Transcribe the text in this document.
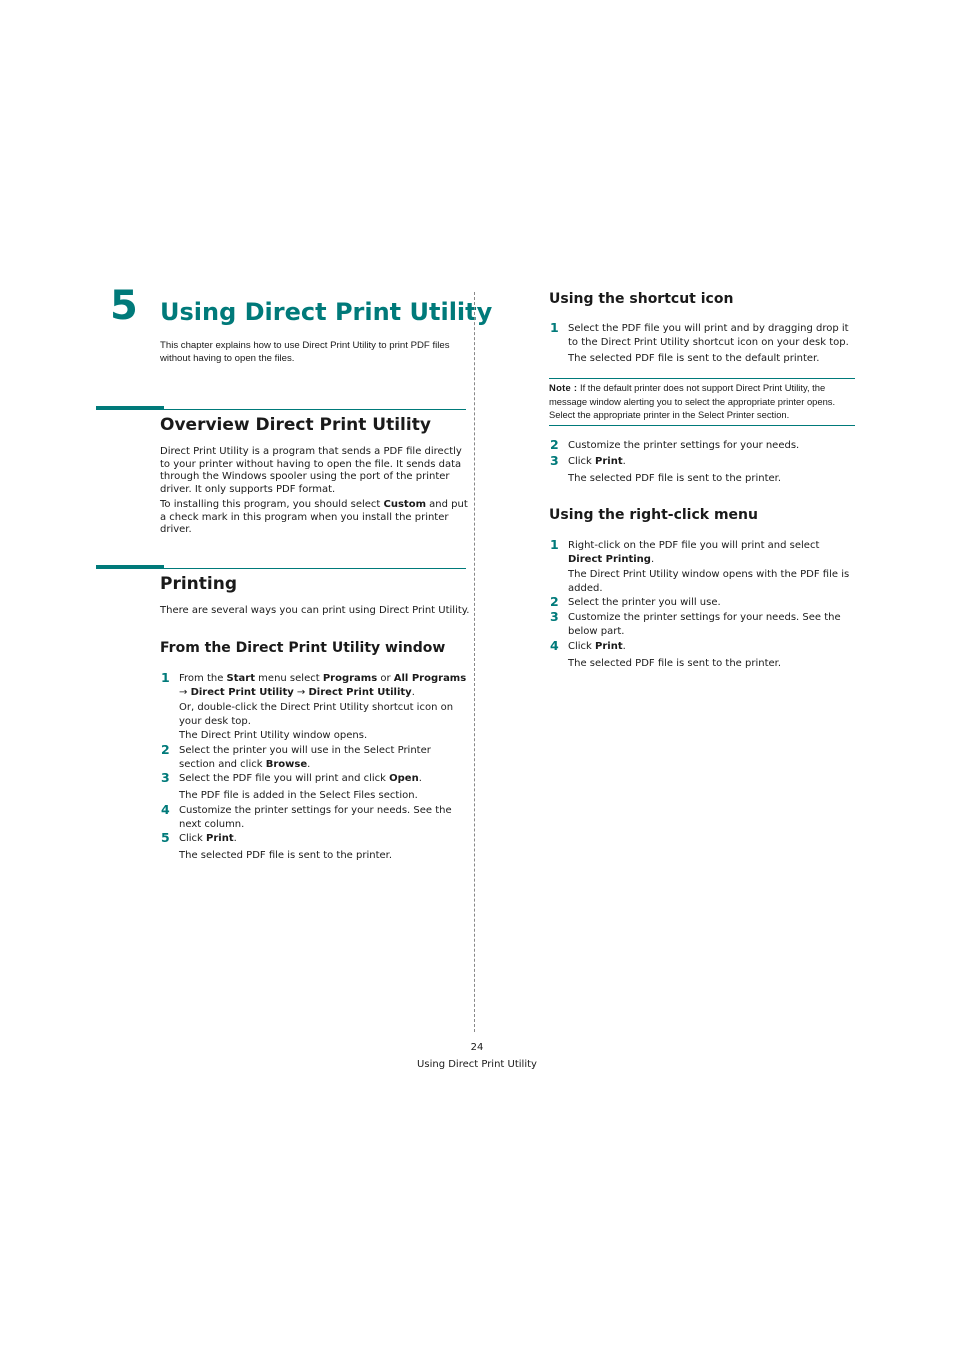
5 Using Direct Print Utility
This chapter explains how to use Direct Print Utility to print PDF files without having to open the files.
Overview Direct Print Utility
Direct Print Utility is a program that sends a PDF file directly to your printer without having to open the file. It sends data through the Windows spooler using the port of the printer driver. It only supports PDF format.
To installing this program, you should select Custom and put a check mark in this program when you install the printer driver.
Printing
There are several ways you can print using Direct Print Utility.
From the Direct Print Utility window
1 From the Start menu select Programs or All Programs
→ Direct Print Utility → Direct Print Utility.
Or, double-click the Direct Print Utility shortcut icon on your desk top.
The Direct Print Utility window opens.
2 Select the printer you will use in the Select Printer section and click Browse.
3 Select the PDF file you will print and click Open.
The PDF file is added in the Select Files section.
4 Customize the printer settings for your needs. See the next column.
5 Click Print.
The selected PDF file is sent to the printer.
Using the shortcut icon
1 Select the PDF file you will print and by dragging drop it to the Direct Print Utility shortcut icon on your desk top.
The selected PDF file is sent to the default printer.
Note : If the default printer does not support Direct Print Utility, the message window alerting you to select the appropriate printer opens. Select the appropriate printer in the Select Printer section.
2 Customize the printer settings for your needs.
3 Click Print.
The selected PDF file is sent to the printer.
Using the right-click menu
1 Right-click on the PDF file you will print and select Direct Printing.
The Direct Print Utility window opens with the PDF file is added.
2 Select the printer you will use.
3 Customize the printer settings for your needs. See the below part.
4 Click Print.
The selected PDF file is sent to the printer.
24
Using Direct Print Utility
